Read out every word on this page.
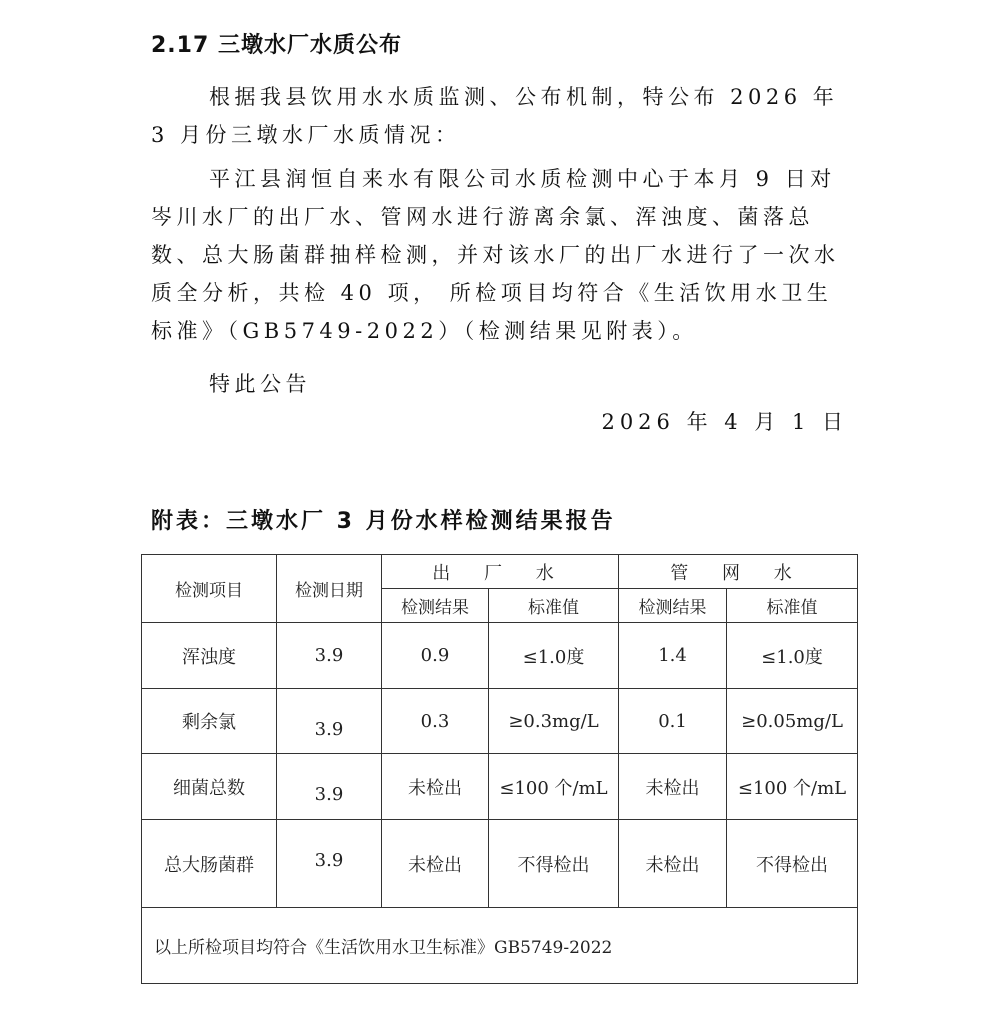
2.17 三墩水厂水质公布

根据我县饮用水水质监测、公布机制，特公布 2026 年 3 月份三墩水厂水质情况：

平江县润恒自来水有限公司水质检测中心于本月 9 日对岑川水厂的出厂水、管网水进行游离余氯、浑浊度、菌落总数、总大肠菌群抽样检测，并对该水厂的出厂水进行了一次水质全分析，共检 40 项， 所检项目均符合《生活饮用水卫生标准》（GB5749-2022）（检测结果见附表）。

特此公告
2026 年 4 月 1 日
附表：三墩水厂 3 月份水样检测结果报告
检测项目	检测日期	出 厂 水		管 网 水	
		检测结果	标准值	检测结果	标准值
浑浊度	3.9	0.9	≤1.0度	1.4	≤1.0度
剩余氯	3.9	0.3	≥0.3mg/L	0.1	≥0.05mg/L
细菌总数	3.9	未检出	≤100 个/mL	未检出	≤100 个/mL
总大肠菌群	3.9	未检出	不得检出	未检出	不得检出
以上所检项目均符合《生活饮用水卫生标准》GB5749-2022					
